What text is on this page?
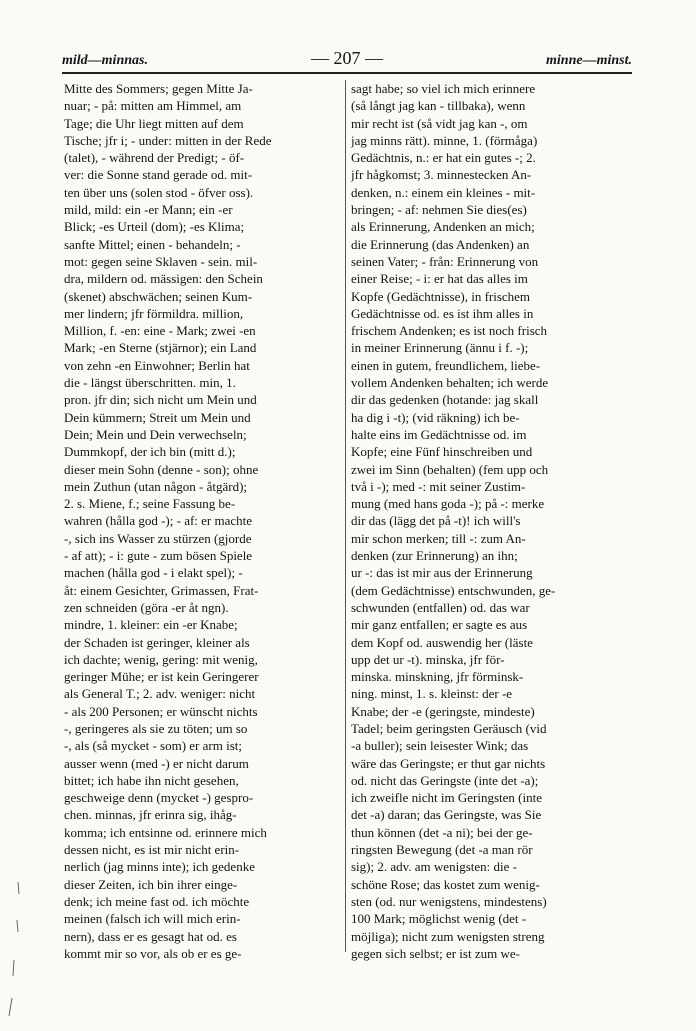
mild—minnas.	— 207 —	minne—minst.

Mitte des Sommers; gegen Mitte Ja-

nuar; - på: mitten am Himmel, am

Tage; die Uhr liegt mitten auf dem

Tische; jfr i; - under: mitten in der Rede

(talet), - während der Predigt; - öf-

ver: die Sonne stand gerade od. mit-

ten über uns (solen stod - öfver oss).

mild, mild: ein -er Mann; ein -er

Blick; -es Urteil (dom); -es Klima;

sanfte Mittel; einen - behandeln; -

mot: gegen seine Sklaven - sein. mil-

dra, mildern od. mässigen: den Schein

(skenet) abschwächen; seinen Kum-

mer lindern; jfr förmildra. million,

Million, f. -en: eine - Mark; zwei -en

Mark; -en Sterne (stjärnor); ein Land

von zehn -en Einwohner; Berlin hat

die - längst überschritten. min, 1.

pron. jfr din; sich nicht um Mein und

Dein kümmern; Streit um Mein und

Dein; Mein und Dein verwechseln;

Dummkopf, der ich bin (mitt d.);

dieser mein Sohn (denne - son); ohne

mein Zuthun (utan någon - åtgärd);

2. s. Miene, f.; seine Fassung be-

wahren (hålla god -); - af: er machte

-, sich ins Wasser zu stürzen (gjorde

- af att); - i: gute - zum bösen Spiele

machen (hålla god - i elakt spel); -

åt: einem Gesichter, Grimassen, Frat-

zen schneiden (göra -er åt ngn).

mindre, 1. kleiner: ein -er Knabe;

der Schaden ist geringer, kleiner als

ich dachte; wenig, gering: mit wenig,

geringer Mühe; er ist kein Geringerer

als General T.; 2. adv. weniger: nicht

- als 200 Personen; er wünscht nichts

-, geringeres als sie zu töten; um so

-, als (så mycket - som) er arm ist;

ausser wenn (med -) er nicht darum

bittet; ich habe ihn nicht gesehen,

geschweige denn (mycket -) gespro-

chen. minnas, jfr erinra sig, ihåg-

komma; ich entsinne od. erinnere mich

dessen nicht, es ist mir nicht erin-

nerlich (jag minns inte); ich gedenke

dieser Zeiten, ich bin ihrer einge-

denk; ich meine fast od. ich möchte

meinen (falsch ich will mich erin-

nern), dass er es gesagt hat od. es

kommt mir so vor, als ob er es ge-

sagt habe; so viel ich mich erinnere

(så långt jag kan - tillbaka), wenn

mir recht ist (så vidt jag kan -, om

jag minns rätt). minne, 1. (förmåga)

Gedächtnis, n.: er hat ein gutes -; 2.

jfr hågkomst; 3. minnestecken An-

denken, n.: einem ein kleines - mit-

bringen; - af: nehmen Sie dies(es)

als Erinnerung, Andenken an mich;

die Erinnerung (das Andenken) an

seinen Vater; - från: Erinnerung von

einer Reise; - i: er hat das alles im

Kopfe (Gedächtnisse), in frischem

Gedächtnisse od. es ist ihm alles in

frischem Andenken; es ist noch frisch

in meiner Erinnerung (ännu i f. -);

einen in gutem, freundlichem, liebe-

vollem Andenken behalten; ich werde

dir das gedenken (hotande: jag skall

ha dig i -t); (vid räkning) ich be-

halte eins im Gedächtnisse od. im

Kopfe; eine Fünf hinschreiben und

zwei im Sinn (behalten) (fem upp och

två i -); med -: mit seiner Zustim-

mung (med hans goda -); på -: merke

dir das (lägg det på -t)! ich will's

mir schon merken; till -: zum An-

denken (zur Erinnerung) an ihn;

ur -: das ist mir aus der Erinnerung

(dem Gedächtnisse) entschwunden, ge-

schwunden (entfallen) od. das war

mir ganz entfallen; er sagte es aus

dem Kopf od. auswendig her (läste

upp det ur -t). minska, jfr för-

minska. minskning, jfr förminsk-

ning. minst, 1. s. kleinst: der -e

Knabe; der -e (geringste, mindeste)

Tadel; beim geringsten Geräusch (vid

-a buller); sein leisester Wink; das

wäre das Geringste; er thut gar nichts

od. nicht das Geringste (inte det -a);

ich zweifle nicht im Geringsten (inte

det -a) daran; das Geringste, was Sie

thun können (det -a ni); bei der ge-

ringsten Bewegung (det -a man rör

sig); 2. adv. am wenigsten: die -

schöne Rose; das kostet zum wenig-

sten (od. nur wenigstens, mindestens)

100 Mark; möglichst wenig (det -

möjliga); nicht zum wenigsten streng

gegen sich selbst; er ist zum we-
